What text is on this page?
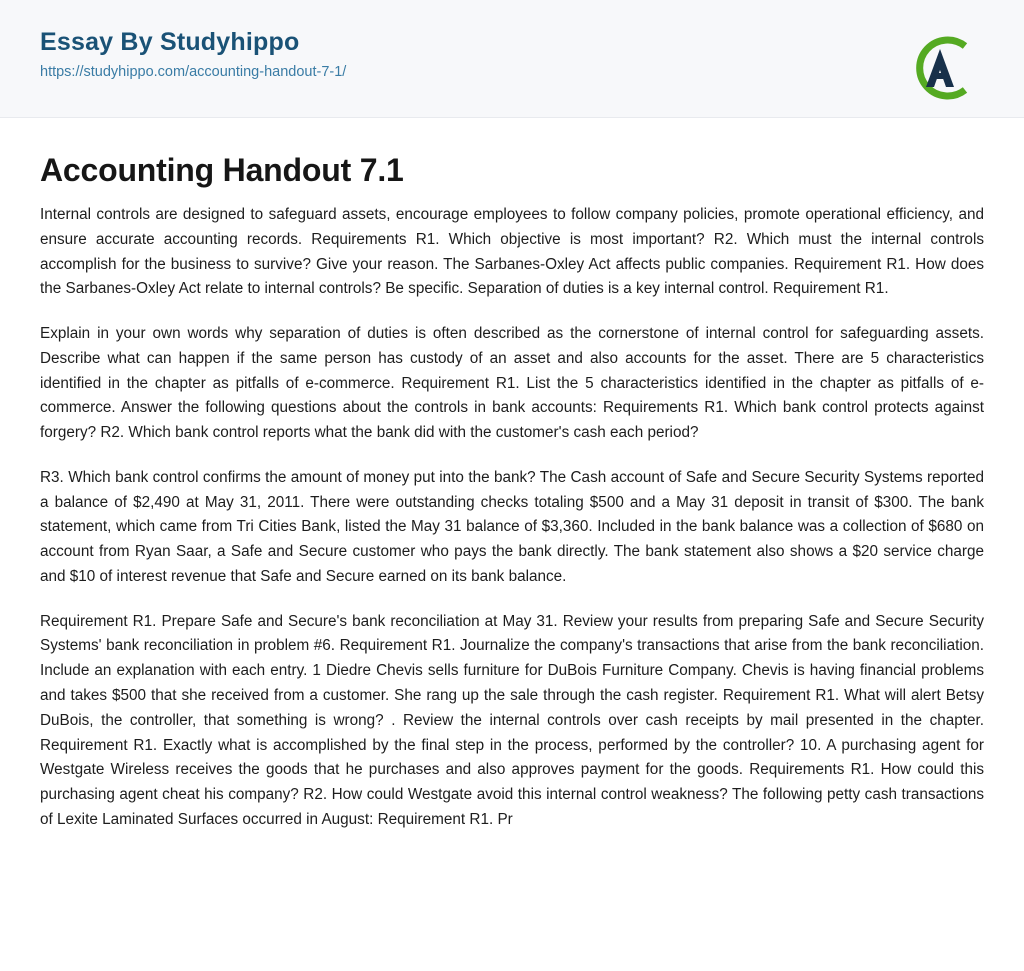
Essay By Studyhippo
https://studyhippo.com/accounting-handout-7-1/
Accounting Handout 7.1

Internal controls are designed to safeguard assets, encourage employees to follow company policies, promote operational efficiency, and ensure accurate accounting records. Requirements R1. Which objective is most important? R2. Which must the internal controls accomplish for the business to survive? Give your reason. The Sarbanes-Oxley Act affects public companies. Requirement R1. How does the Sarbanes-Oxley Act relate to internal controls? Be specific. Separation of duties is a key internal control. Requirement R1.

Explain in your own words why separation of duties is often described as the cornerstone of internal control for safeguarding assets. Describe what can happen if the same person has custody of an asset and also accounts for the asset. There are 5 characteristics identified in the chapter as pitfalls of e-commerce. Requirement R1. List the 5 characteristics identified in the chapter as pitfalls of e-commerce. Answer the following questions about the controls in bank accounts: Requirements R1. Which bank control protects against forgery? R2. Which bank control reports what the bank did with the customer's cash each period?

R3. Which bank control confirms the amount of money put into the bank? The Cash account of Safe and Secure Security Systems reported a balance of $2,490 at May 31, 2011. There were outstanding checks totaling $500 and a May 31 deposit in transit of $300. The bank statement, which came from Tri Cities Bank, listed the May 31 balance of $3,360. Included in the bank balance was a collection of $680 on account from Ryan Saar, a Safe and Secure customer who pays the bank directly. The bank statement also shows a $20 service charge and $10 of interest revenue that Safe and Secure earned on its bank balance.

Requirement R1. Prepare Safe and Secure's bank reconciliation at May 31. Review your results from preparing Safe and Secure Security Systems' bank reconciliation in problem #6. Requirement R1. Journalize the company's transactions that arise from the bank reconciliation. Include an explanation with each entry. 1 Diedre Chevis sells furniture for DuBois Furniture Company. Chevis is having financial problems and takes $500 that she received from a customer. She rang up the sale through the cash register. Requirement R1. What will alert Betsy DuBois, the controller, that something is wrong? . Review the internal controls over cash receipts by mail presented in the chapter. Requirement R1. Exactly what is accomplished by the final step in the process, performed by the controller? 10. A purchasing agent for Westgate Wireless receives the goods that he purchases and also approves payment for the goods. Requirements R1. How could this purchasing agent cheat his company? R2. How could Westgate avoid this internal control weakness? The following petty cash transactions of Lexite Laminated Surfaces occurred in August: Requirement R1. Pr
